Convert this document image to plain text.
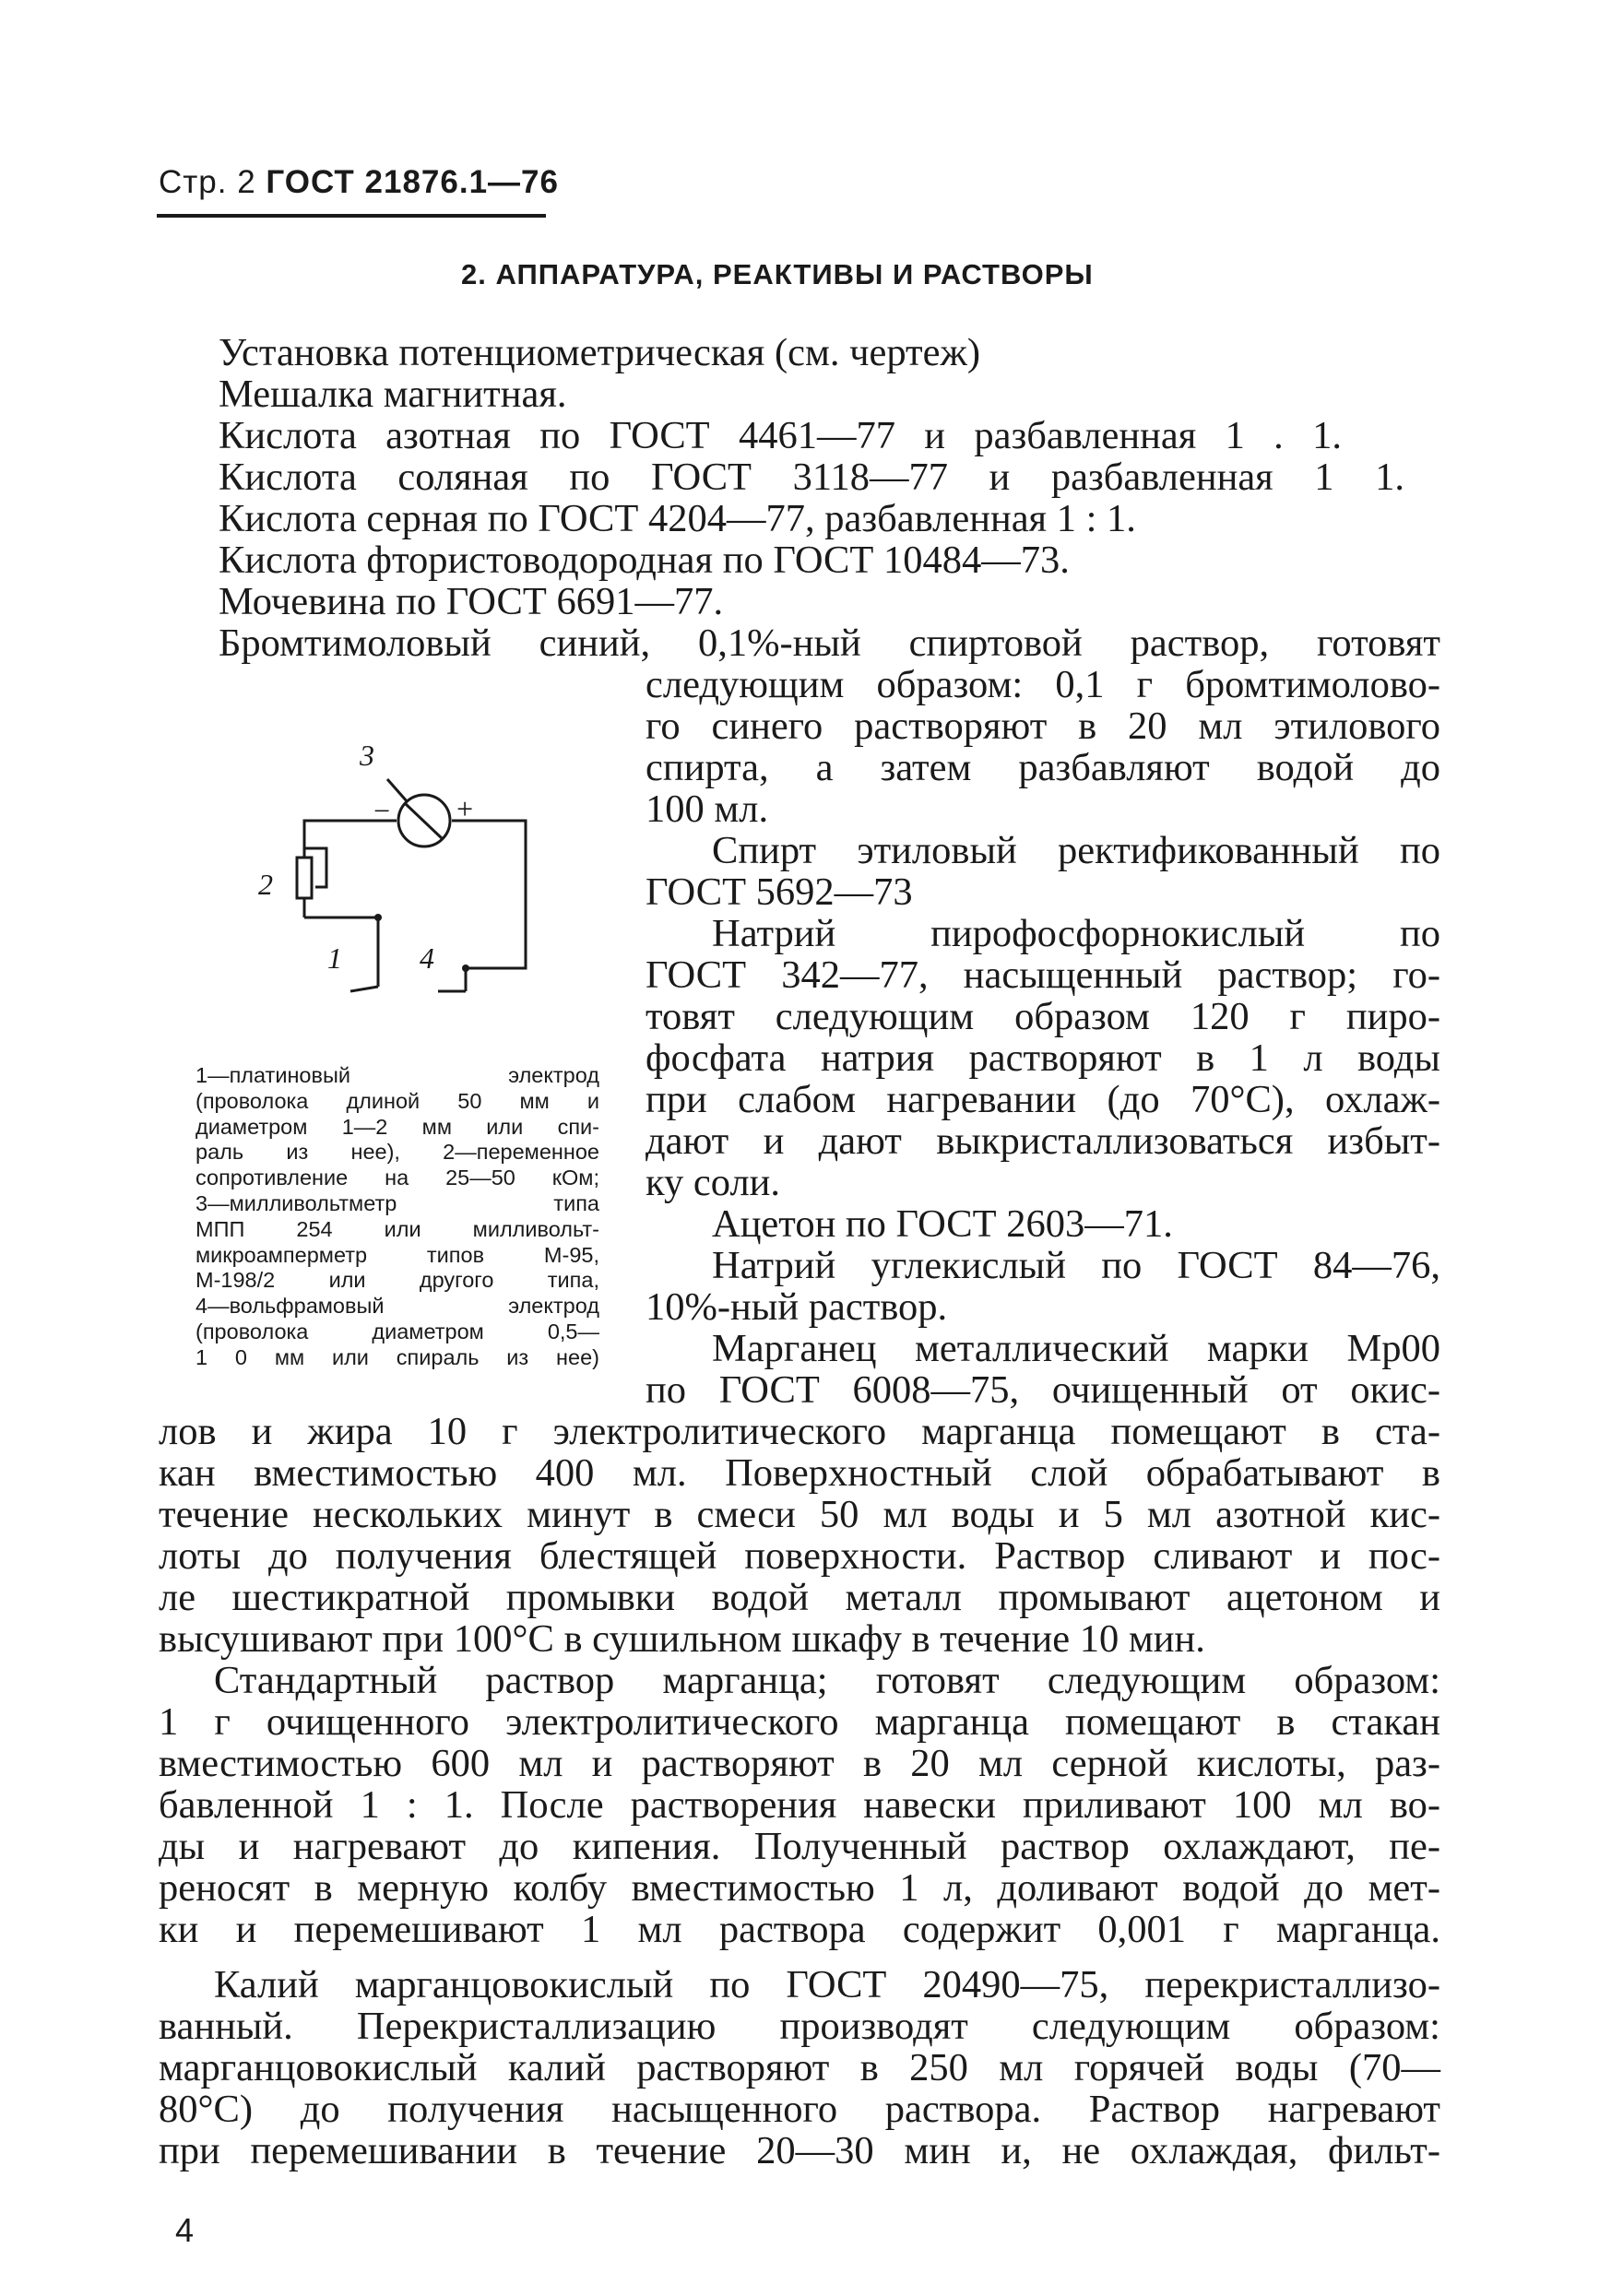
Стр. 2 ГОСТ 21876.1—76
2. АППАРАТУРА, РЕАКТИВЫ И РАСТВОРЫ
Установка потенциометрическая (см. чертеж)
Мешалка магнитная.
Кислота азотная по ГОСТ 4461—77 и разбавленная 1 . 1.
Кислота соляная по ГОСТ 3118—77 и разбавленная 1 1.
Кислота серная по ГОСТ 4204—77, разбавленная 1 : 1.
Кислота фтористоводородная по ГОСТ 10484—73.
Мочевина по ГОСТ 6691—77.
Бромтимоловый синий, 0,1%-ный спиртовой раствор, готовят
следующим образом: 0,1 г бромтимолово-
го синего растворяют в 20 мл этилового
спирта, а затем разбавляют водой до
100 мл.
Спирт этиловый ректификованный по
ГОСТ 5692—73
Натрий пирофосфорнокислый по
ГОСТ 342—77, насыщенный раствор; го-
товят следующим образом 120 г пиро-
фосфата натрия растворяют в 1 л воды
при слабом нагревании (до 70°С), охлаж-
дают и дают выкристаллизоваться избыт-
ку соли.
Ацетон по ГОСТ 2603—71.
Натрий углекислый по ГОСТ 84—76,
10%-ный раствор.
Марганец металлический марки Мр00
по ГОСТ 6008—75, очищенный от окис-
3
2
1	4
− +
1—платиновый электрод
(проволока длиной 50 мм и
диаметром 1—2 мм или спи-
раль из нее), 2—переменное
сопротивление на 25—50 кОм;
3—милливольтметр типа
МПП 254 или милливольт-
микроамперметр типов М-95,
М-198/2 или другого типа,
4—вольфрамовый электрод
(проволока диаметром 0,5—
1 0 мм или спираль из нее)
лов и жира 10 г электролитического марганца помещают в ста-
кан вместимостью 400 мл. Поверхностный слой обрабатывают в
течение нескольких минут в смеси 50 мл воды и 5 мл азотной кис-
лоты до получения блестящей поверхности. Раствор сливают и пос-
ле шестикратной промывки водой металл промывают ацетоном и
высушивают при 100°С в сушильном шкафу в течение 10 мин.
Стандартный раствор марганца; готовят следующим образом:
1 г очищенного электролитического марганца помещают в стакан
вместимостью 600 мл и растворяют в 20 мл серной кислоты, раз-
бавленной 1 : 1. После растворения навески приливают 100 мл во-
ды и нагревают до кипения. Полученный раствор охлаждают, пе-
реносят в мерную колбу вместимостью 1 л, доливают водой до мет-
ки и перемешивают 1 мл раствора содержит 0,001 г марганца.
Калий марганцовокислый по ГОСТ 20490—75, перекристаллизо-
ванный. Перекристаллизацию производят следующим образом:
марганцовокислый калий растворяют в 250 мл горячей воды (70—
80°С) до получения насыщенного раствора. Раствор нагревают
при перемешивании в течение 20—30 мин и, не охлаждая, фильт-
4
